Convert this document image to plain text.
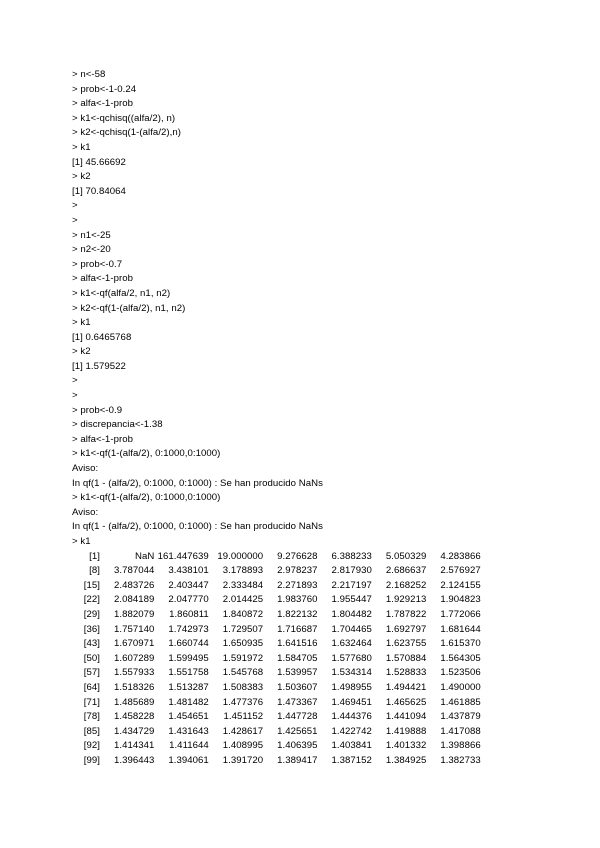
> n<-58
> prob<-1-0.24
> alfa<-1-prob
> k1<-qchisq((alfa/2), n)
> k2<-qchisq(1-(alfa/2),n)
> k1
[1] 45.66692
> k2
[1] 70.84064
>
>
> n1<-25
> n2<-20
> prob<-0.7
> alfa<-1-prob
> k1<-qf(alfa/2, n1, n2)
> k2<-qf(1-(alfa/2), n1, n2)
> k1
[1] 0.6465768
> k2
[1] 1.579522
>
>
> prob<-0.9
> discrepancia<-1.38
> alfa<-1-prob
> k1<-qf(1-(alfa/2), 0:1000,0:1000)
Aviso:
In qf(1 - (alfa/2), 0:1000, 0:1000) : Se han producido NaNs
> k1<-qf(1-(alfa/2), 0:1000,0:1000)
Aviso:
In qf(1 - (alfa/2), 0:1000, 0:1000) : Se han producido NaNs
> k1
[1]	NaN 161.447639 19.000000	9.276628	6.388233	5.050329	4.283866
[8]	3.787044	3.438101	3.178893	2.978237	2.817930	2.686637	2.576927
[15]	2.483726	2.403447	2.333484	2.271893	2.217197	2.168252	2.124155
[22]	2.084189	2.047770	2.014425	1.983760	1.955447	1.929213	1.904823
[29]	1.882079	1.860811	1.840872	1.822132	1.804482	1.787822	1.772066
[36]	1.757140	1.742973	1.729507	1.716687	1.704465	1.692797	1.681644
[43]	1.670971	1.660744	1.650935	1.641516	1.632464	1.623755	1.615370
[50]	1.607289	1.599495	1.591972	1.584705	1.577680	1.570884	1.564305
[57]	1.557933	1.551758	1.545768	1.539957	1.534314	1.528833	1.523506
[64]	1.518326	1.513287	1.508383	1.503607	1.498955	1.494421	1.490000
[71]	1.485689	1.481482	1.477376	1.473367	1.469451	1.465625	1.461885
[78]	1.458228	1.454651	1.451152	1.447728	1.444376	1.441094	1.437879
[85]	1.434729	1.431643	1.428617	1.425651	1.422742	1.419888	1.417088
[92]	1.414341	1.411644	1.408995	1.406395	1.403841	1.401332	1.398866
[99]	1.396443	1.394061	1.391720	1.389417	1.387152	1.384925	1.382733
